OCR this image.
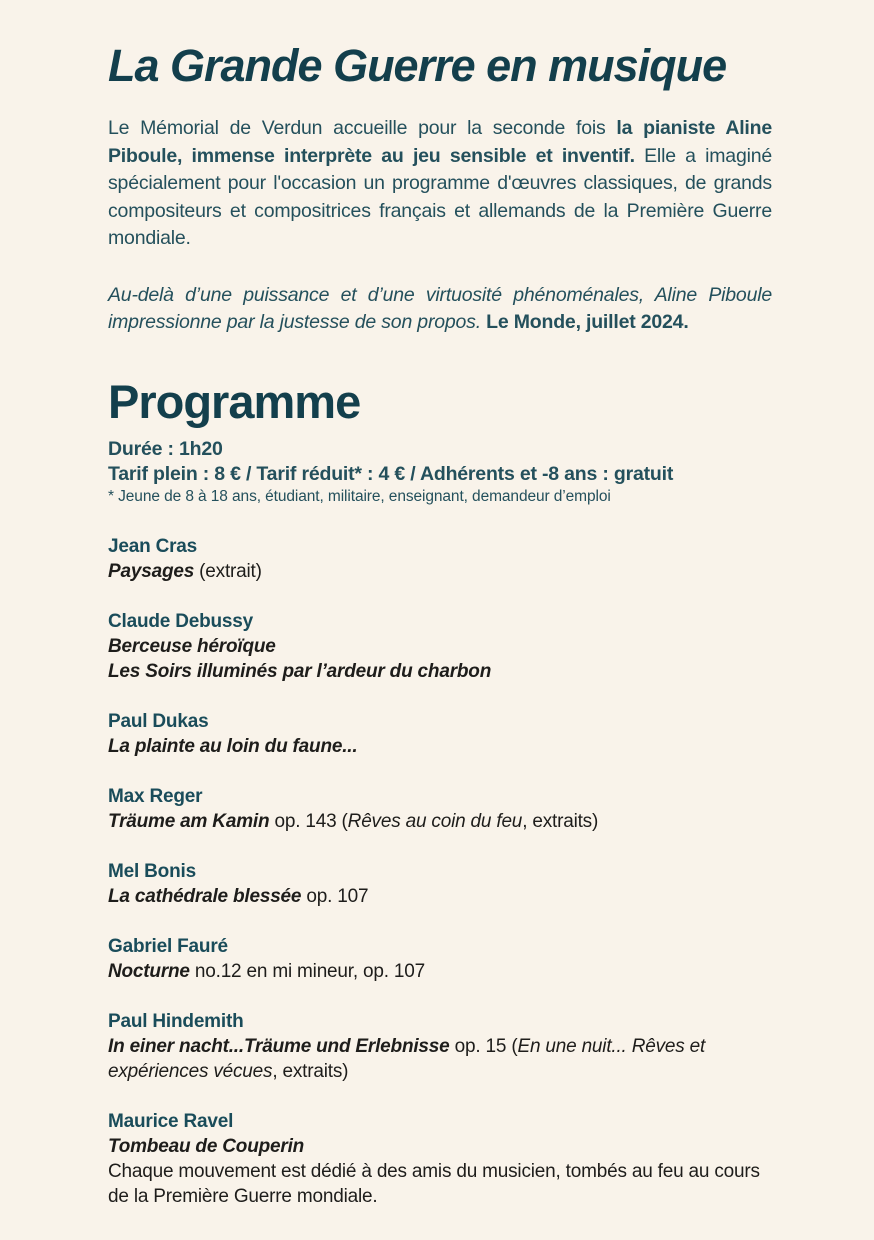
La Grande Guerre en musique

Le Mémorial de Verdun accueille pour la seconde fois la pianiste Aline Piboule, immense interprète au jeu sensible et inventif. Elle a imaginé spécialement pour l'occasion un programme d'œuvres classiques, de grands compositeurs et compositrices français et allemands de la Première Guerre mondiale.

Au-delà d’une puissance et d’une virtuosité phénoménales, Aline Piboule impressionne par la justesse de son propos. Le Monde, juillet 2024.

Programme
Durée : 1h20
Tarif plein : 8 € / Tarif réduit* : 4 € / Adhérents et -8 ans : gratuit
* Jeune de 8 à 18 ans, étudiant, militaire, enseignant, demandeur d’emploi
Jean Cras
Paysages (extrait)
Claude Debussy
Berceuse héroïque
Les Soirs illuminés par l’ardeur du charbon
Paul Dukas
La plainte au loin du faune...
Max Reger
Träume am Kamin op. 143 (Rêves au coin du feu, extraits)
Mel Bonis
La cathédrale blessée op. 107
Gabriel Fauré
Nocturne no.12 en mi mineur, op. 107
Paul Hindemith
In einer nacht...Träume und Erlebnisse op. 15 (En une nuit... Rêves et expériences vécues, extraits)
Maurice Ravel
Tombeau de Couperin
Chaque mouvement est dédié à des amis du musicien, tombés au feu au cours de la Première Guerre mondiale.
